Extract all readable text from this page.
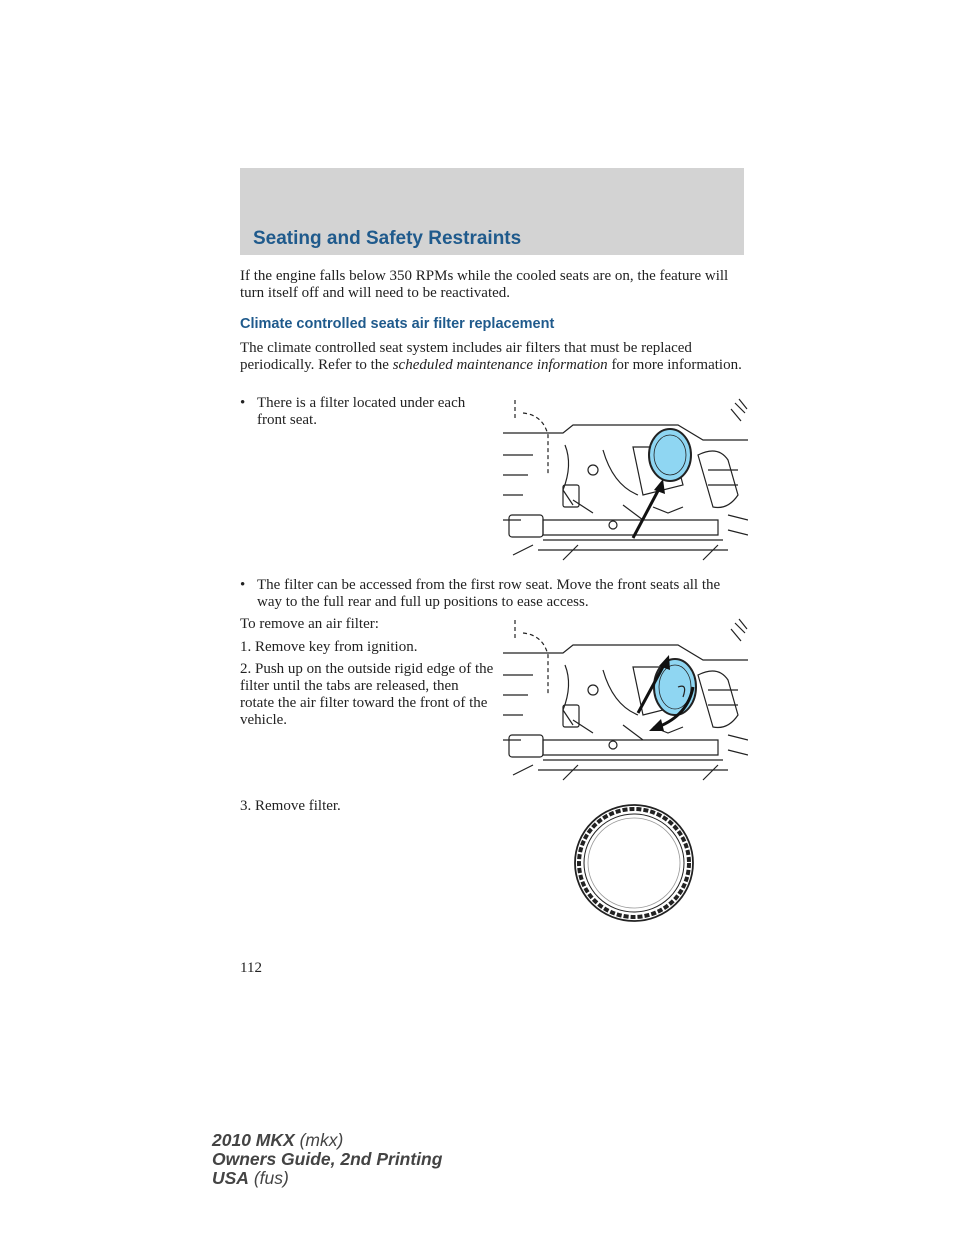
Seating and Safety Restraints

If the engine falls below 350 RPMs while the cooled seats are on, the feature will turn itself off and will need to be reactivated.

Climate controlled seats air filter replacement

The climate controlled seat system includes air filters that must be replaced periodically. Refer to the scheduled maintenance information for more information.

• There is a filter located under each front seat.
• The filter can be accessed from the first row seat. Move the front seats all the way to the full rear and full up positions to ease access.

To remove an air filter:

1. Remove key from ignition.

2. Push up on the outside rigid edge of the filter until the tabs are released, then rotate the air filter toward the front of the vehicle.

3. Remove filter.

112
2010 MKX (mkx)
Owners Guide, 2nd Printing
USA (fus)
